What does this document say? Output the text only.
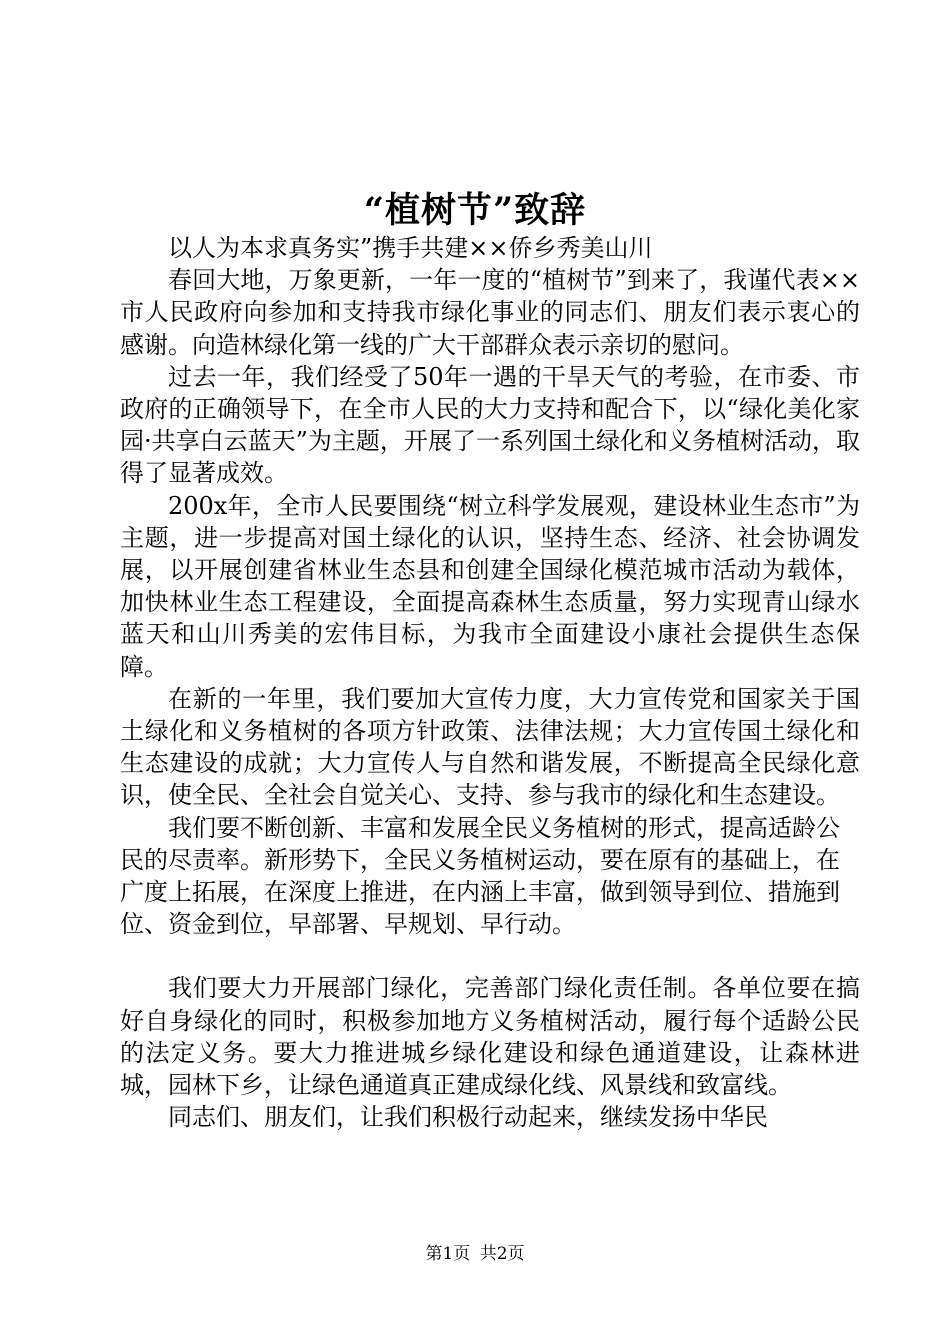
“植树节”致辞

以人为本求真务实”携手共建××侨乡秀美山川

春回大地，万象更新，一年一度的“植树节”到来了，我谨代表××市人民政府向参加和支持我市绿化事业的同志们、朋友们表示衷心的感谢。向造林绿化第一线的广大干部群众表示亲切的慰问。

过去一年，我们经受了50年一遇的干旱天气的考验，在市委、市政府的正确领导下，在全市人民的大力支持和配合下，以“绿化美化家园·共享白云蓝天”为主题，开展了一系列国土绿化和义务植树活动，取得了显著成效。

200x年，全市人民要围绕“树立科学发展观，建设林业生态市”为主题，进一步提高对国土绿化的认识，坚持生态、经济、社会协调发展，以开展创建省林业生态县和创建全国绿化模范城市活动为载体，加快林业生态工程建设，全面提高森林生态质量，努力实现青山绿水蓝天和山川秀美的宏伟目标，为我市全面建设小康社会提供生态保障。

在新的一年里，我们要加大宣传力度，大力宣传党和国家关于国土绿化和义务植树的各项方针政策、法律法规；大力宣传国土绿化和生态建设的成就；大力宣传人与自然和谐发展，不断提高全民绿化意识，使全民、全社会自觉关心、支持、参与我市的绿化和生态建设。

我们要不断创新、丰富和发展全民义务植树的形式，提高适龄公民的尽责率。新形势下，全民义务植树运动，要在原有的基础上，在广度上拓展，在深度上推进，在内涵上丰富，做到领导到位、措施到位、资金到位，早部署、早规划、早行动。

我们要大力开展部门绿化，完善部门绿化责任制。各单位要在搞好自身绿化的同时，积极参加地方义务植树活动，履行每个适龄公民的法定义务。要大力推进城乡绿化建设和绿色通道建设，让森林进城，园林下乡，让绿色通道真正建成绿化线、风景线和致富线。

同志们、朋友们，让我们积极行动起来，继续发扬中华民

第1页 共2页
